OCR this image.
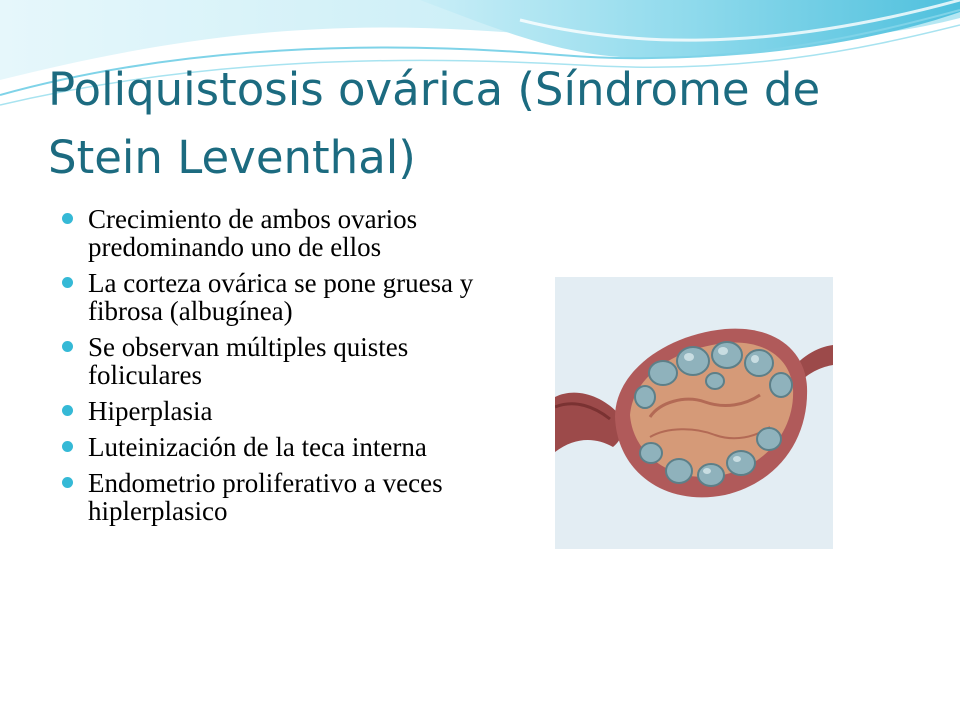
Poliquistosis ovárica (Síndrome de Stein Leventhal)
Crecimiento de ambos ovarios predominando uno de ellos
La corteza ovárica se pone gruesa y fibrosa (albugínea)
Se observan múltiples quistes foliculares
Hiperplasia
Luteinización de la teca interna
Endometrio proliferativo a veces hiplerplasico
